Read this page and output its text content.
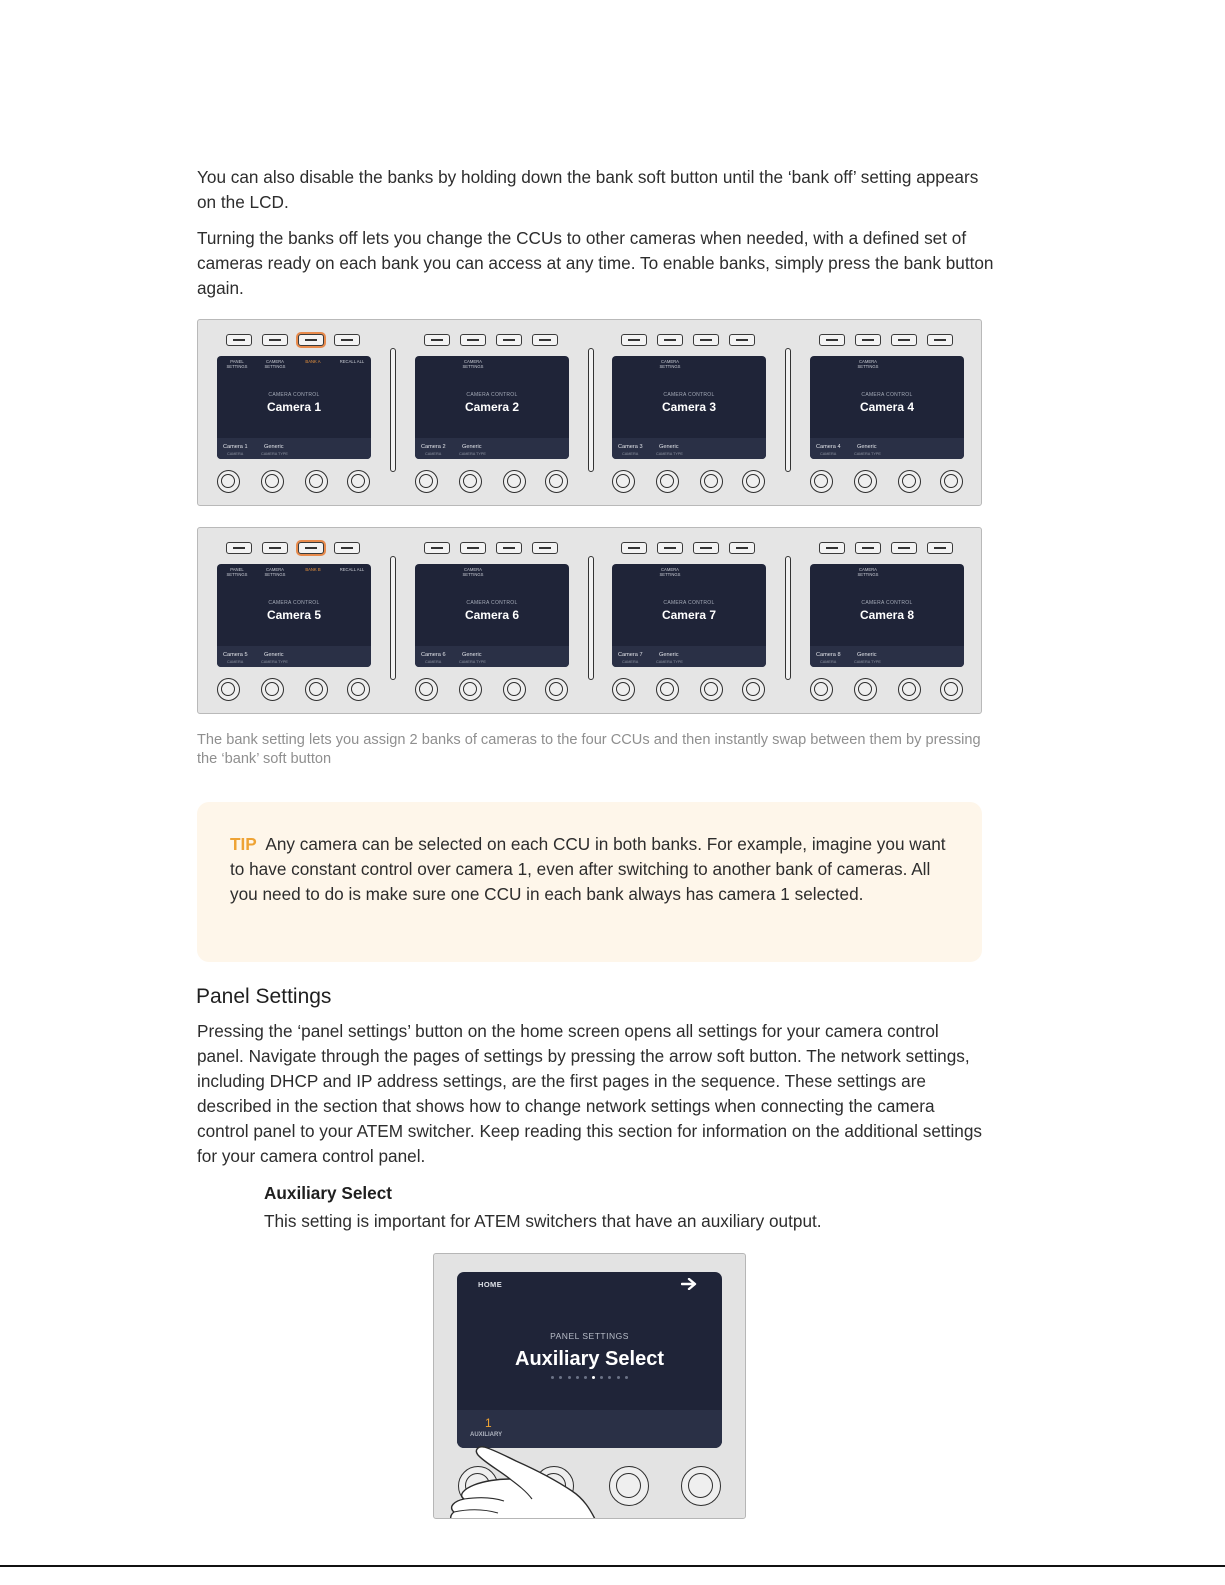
You can also disable the banks by holding down the bank soft button until the ‘bank off’ setting appears on the LCD.

Turning the banks off lets you change the CCUs to other cameras when needed, with a defined set of cameras ready on each bank you can access at any time. To enable banks, simply press the bank button again.

PANEL SETTINGS
CAMERA SETTINGS
BANK A	RECALL ALL
CAMERA CONTROL
Camera 1
Camera 1
CAMERA
Generic
CAMERA TYPE
CAMERA SETTINGS
CAMERA CONTROL
Camera 2
Camera 2
CAMERA
Generic
CAMERA TYPE
CAMERA SETTINGS
CAMERA CONTROL
Camera 3
Camera 3
CAMERA
Generic
CAMERA TYPE
CAMERA SETTINGS
CAMERA CONTROL
Camera 4
Camera 4
CAMERA
Generic
CAMERA TYPE
PANEL SETTINGS
CAMERA SETTINGS
BANK B	RECALL ALL
CAMERA CONTROL
Camera 5
Camera 5
CAMERA
Generic
CAMERA TYPE
CAMERA SETTINGS
CAMERA CONTROL
Camera 6
Camera 6
CAMERA
Generic
CAMERA TYPE
CAMERA SETTINGS
CAMERA CONTROL
Camera 7
Camera 7
CAMERA
Generic
CAMERA TYPE
CAMERA SETTINGS
CAMERA CONTROL
Camera 8
Camera 8
CAMERA
Generic
CAMERA TYPE

The bank setting lets you assign 2 banks of cameras to the four CCUs and then instantly swap between them by pressing the ‘bank’ soft button

TIP Any camera can be selected on each CCU in both banks. For example, imagine you want to have constant control over camera 1, even after switching to another bank of cameras. All you need to do is make sure one CCU in each bank always has camera 1 selected.

Panel Settings

Pressing the ‘panel settings’ button on the home screen opens all settings for your camera control panel. Navigate through the pages of settings by pressing the arrow soft button. The network settings, including DHCP and IP address settings, are the first pages in the sequence. These settings are described in the section that shows how to change network settings when connecting the camera control panel to your ATEM switcher. Keep reading this section for information on the additional settings for your camera control panel.

Auxiliary Select

This setting is important for ATEM switchers that have an auxiliary output.

HOME
PANEL SETTINGS
Auxiliary Select
1
AUXILIARY
